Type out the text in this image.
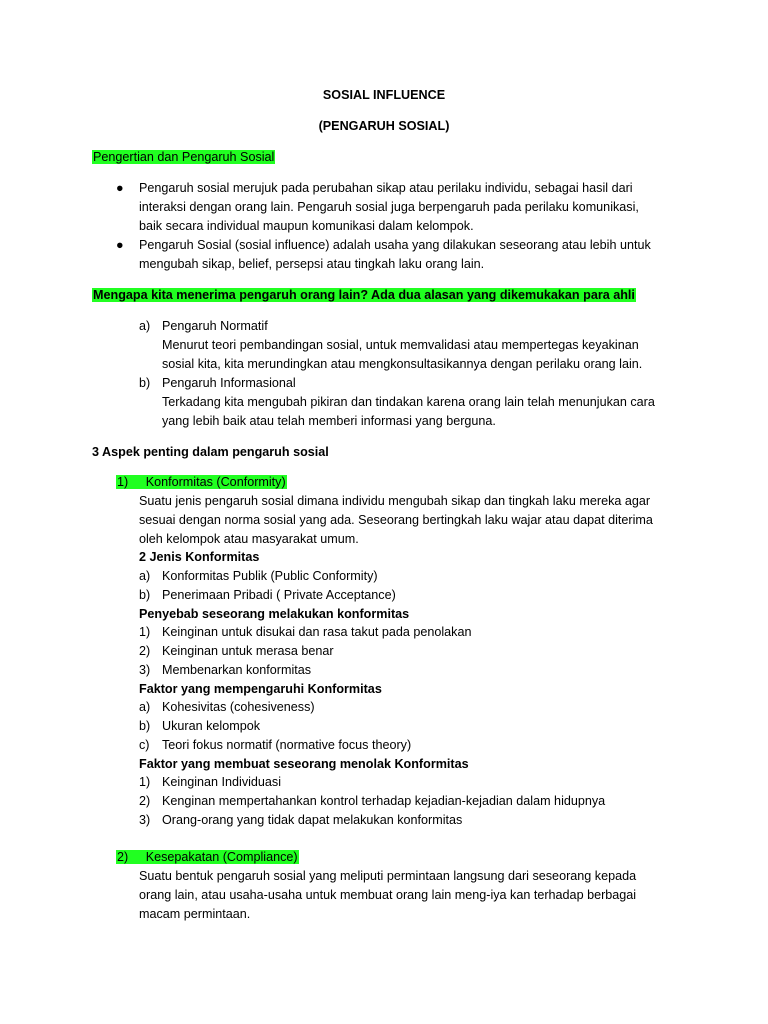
SOSIAL INFLUENCE
(PENGARUH SOSIAL)
Pengertian dan Pengaruh Sosial
● Pengaruh sosial merujuk pada perubahan sikap atau perilaku individu, sebagai hasil dari
interaksi dengan orang lain. Pengaruh sosial juga berpengaruh pada perilaku komunikasi,
baik secara individual maupun komunikasi dalam kelompok.
● Pengaruh Sosial (sosial influence) adalah usaha yang dilakukan seseorang atau lebih untuk
mengubah sikap, belief, persepsi atau tingkah laku orang lain.
Mengapa kita menerima pengaruh orang lain? Ada dua alasan yang dikemukakan para ahli
a) Pengaruh Normatif
Menurut teori pembandingan sosial, untuk memvalidasi atau mempertegas keyakinan
sosial kita, kita merundingkan atau mengkonsultasikannya dengan perilaku orang lain.
b) Pengaruh Informasional
Terkadang kita mengubah pikiran dan tindakan karena orang lain telah menunjukan cara
yang lebih baik atau telah memberi informasi yang berguna.
3 Aspek penting dalam pengaruh sosial
1) Konformitas (Conformity)
Suatu jenis pengaruh sosial dimana individu mengubah sikap dan tingkah laku mereka agar
sesuai dengan norma sosial yang ada. Seseorang bertingkah laku wajar atau dapat diterima
oleh kelompok atau masyarakat umum.
2 Jenis Konformitas
a) Konformitas Publik (Public Conformity)
b) Penerimaan Pribadi ( Private Acceptance)
Penyebab seseorang melakukan konformitas
1) Keinginan untuk disukai dan rasa takut pada penolakan
2) Keinginan untuk merasa benar
3) Membenarkan konformitas
Faktor yang mempengaruhi Konformitas
a) Kohesivitas (cohesiveness)
b) Ukuran kelompok
c) Teori fokus normatif (normative focus theory)
Faktor yang membuat seseorang menolak Konformitas
1) Keinginan Individuasi
2) Kenginan mempertahankan kontrol terhadap kejadian-kejadian dalam hidupnya
3) Orang-orang yang tidak dapat melakukan konformitas
2) Kesepakatan (Compliance)
Suatu bentuk pengaruh sosial yang meliputi permintaan langsung dari seseorang kepada
orang lain, atau usaha-usaha untuk membuat orang lain meng-iya kan terhadap berbagai
macam permintaan.
